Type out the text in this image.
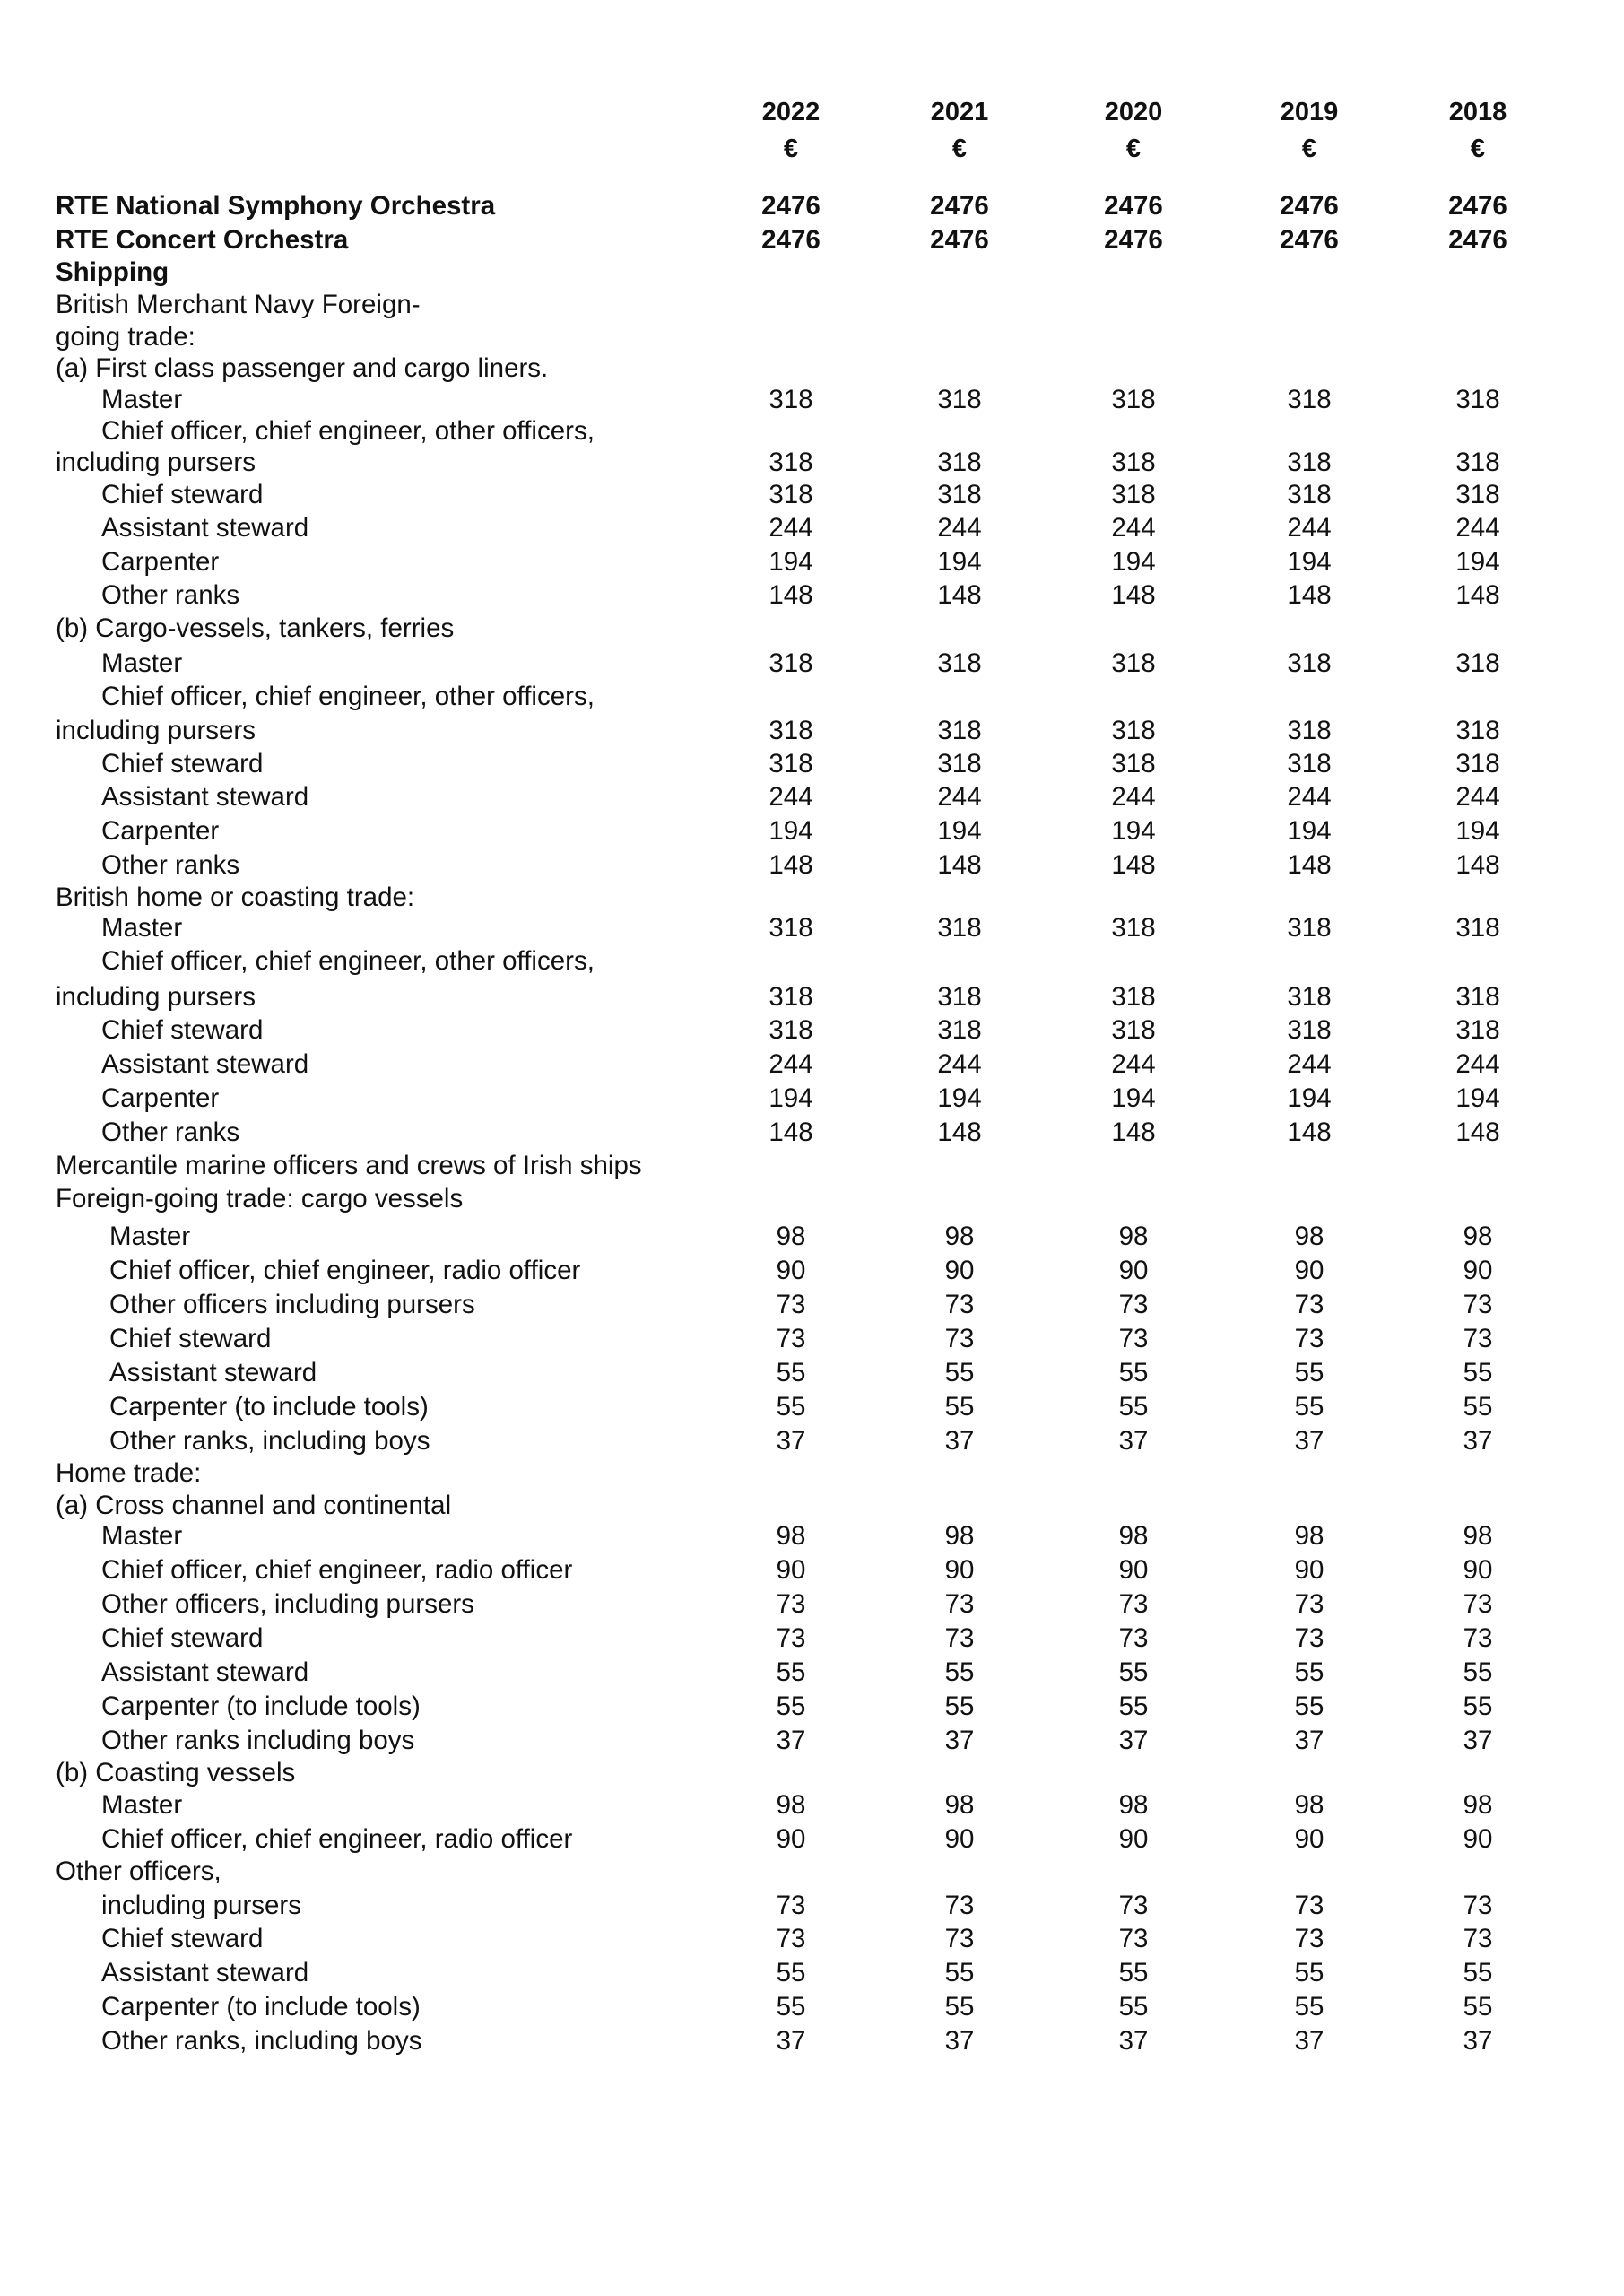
2022	2021	2020	2019	2018
€	€	€	€	€
RTE National Symphony Orchestra	2476	2476	2476	2476	2476
RTE Concert Orchestra	2476	2476	2476	2476	2476
Shipping
British Merchant Navy Foreign-
going trade:
(a) First class passenger and cargo liners.
Master	318	318	318	318	318
Chief officer, chief engineer, other officers,
including pursers	318	318	318	318	318
Chief steward	318	318	318	318	318
Assistant steward	244	244	244	244	244
Carpenter	194	194	194	194	194
Other ranks	148	148	148	148	148
(b) Cargo-vessels, tankers, ferries
Master	318	318	318	318	318
Chief officer, chief engineer, other officers,
including pursers	318	318	318	318	318
Chief steward	318	318	318	318	318
Assistant steward	244	244	244	244	244
Carpenter	194	194	194	194	194
Other ranks	148	148	148	148	148
British home or coasting trade:
Master	318	318	318	318	318
Chief officer, chief engineer, other officers,
including pursers	318	318	318	318	318
Chief steward	318	318	318	318	318
Assistant steward	244	244	244	244	244
Carpenter	194	194	194	194	194
Other ranks	148	148	148	148	148
Mercantile marine officers and crews of Irish ships
Foreign-going trade: cargo vessels
Master	98	98	98	98	98
Chief officer, chief engineer, radio officer	90	90	90	90	90
Other officers including pursers	73	73	73	73	73
Chief steward	73	73	73	73	73
Assistant steward	55	55	55	55	55
Carpenter (to include tools)	55	55	55	55	55
Other ranks, including boys	37	37	37	37	37
Home trade:
(a) Cross channel and continental
Master	98	98	98	98	98
Chief officer, chief engineer, radio officer	90	90	90	90	90
Other officers, including pursers	73	73	73	73	73
Chief steward	73	73	73	73	73
Assistant steward	55	55	55	55	55
Carpenter (to include tools)	55	55	55	55	55
Other ranks including boys	37	37	37	37	37
(b) Coasting vessels
Master	98	98	98	98	98
Chief officer, chief engineer, radio officer	90	90	90	90	90
Other officers,
including pursers	73	73	73	73	73
Chief steward	73	73	73	73	73
Assistant steward	55	55	55	55	55
Carpenter (to include tools)	55	55	55	55	55
Other ranks, including boys	37	37	37	37	37
